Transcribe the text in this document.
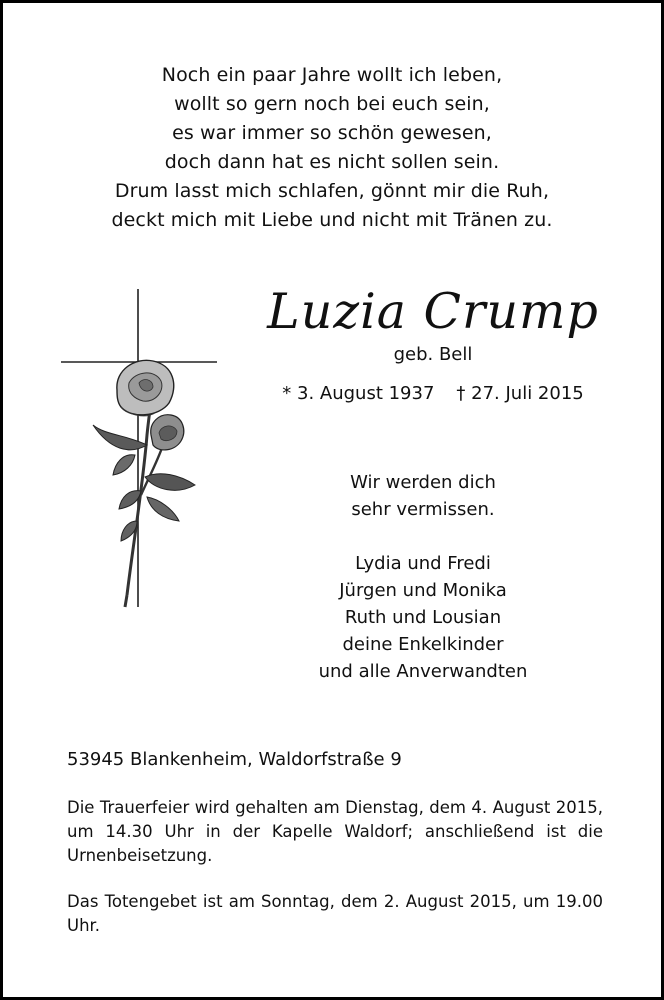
Noch ein paar Jahre wollt ich leben,
wollt so gern noch bei euch sein,
es war immer so schön gewesen,
doch dann hat es nicht sollen sein.
Drum lasst mich schlafen, gönnt mir die Ruh,
deckt mich mit Liebe und nicht mit Tränen zu.
Luzia Crump
geb. Bell
* 3. August 1937 † 27. Juli 2015
Wir werden dich
sehr vermissen.
Lydia und Fredi
Jürgen und Monika
Ruth und Lousian
deine Enkelkinder
und alle Anverwandten
53945 Blankenheim, Waldorfstraße 9
Die Trauerfeier wird gehalten am Dienstag, dem 4. August 2015, um 14.30 Uhr in der Kapelle Waldorf; anschließend ist die Urnenbeisetzung.
Das Totengebet ist am Sonntag, dem 2. August 2015, um 19.00 Uhr.
